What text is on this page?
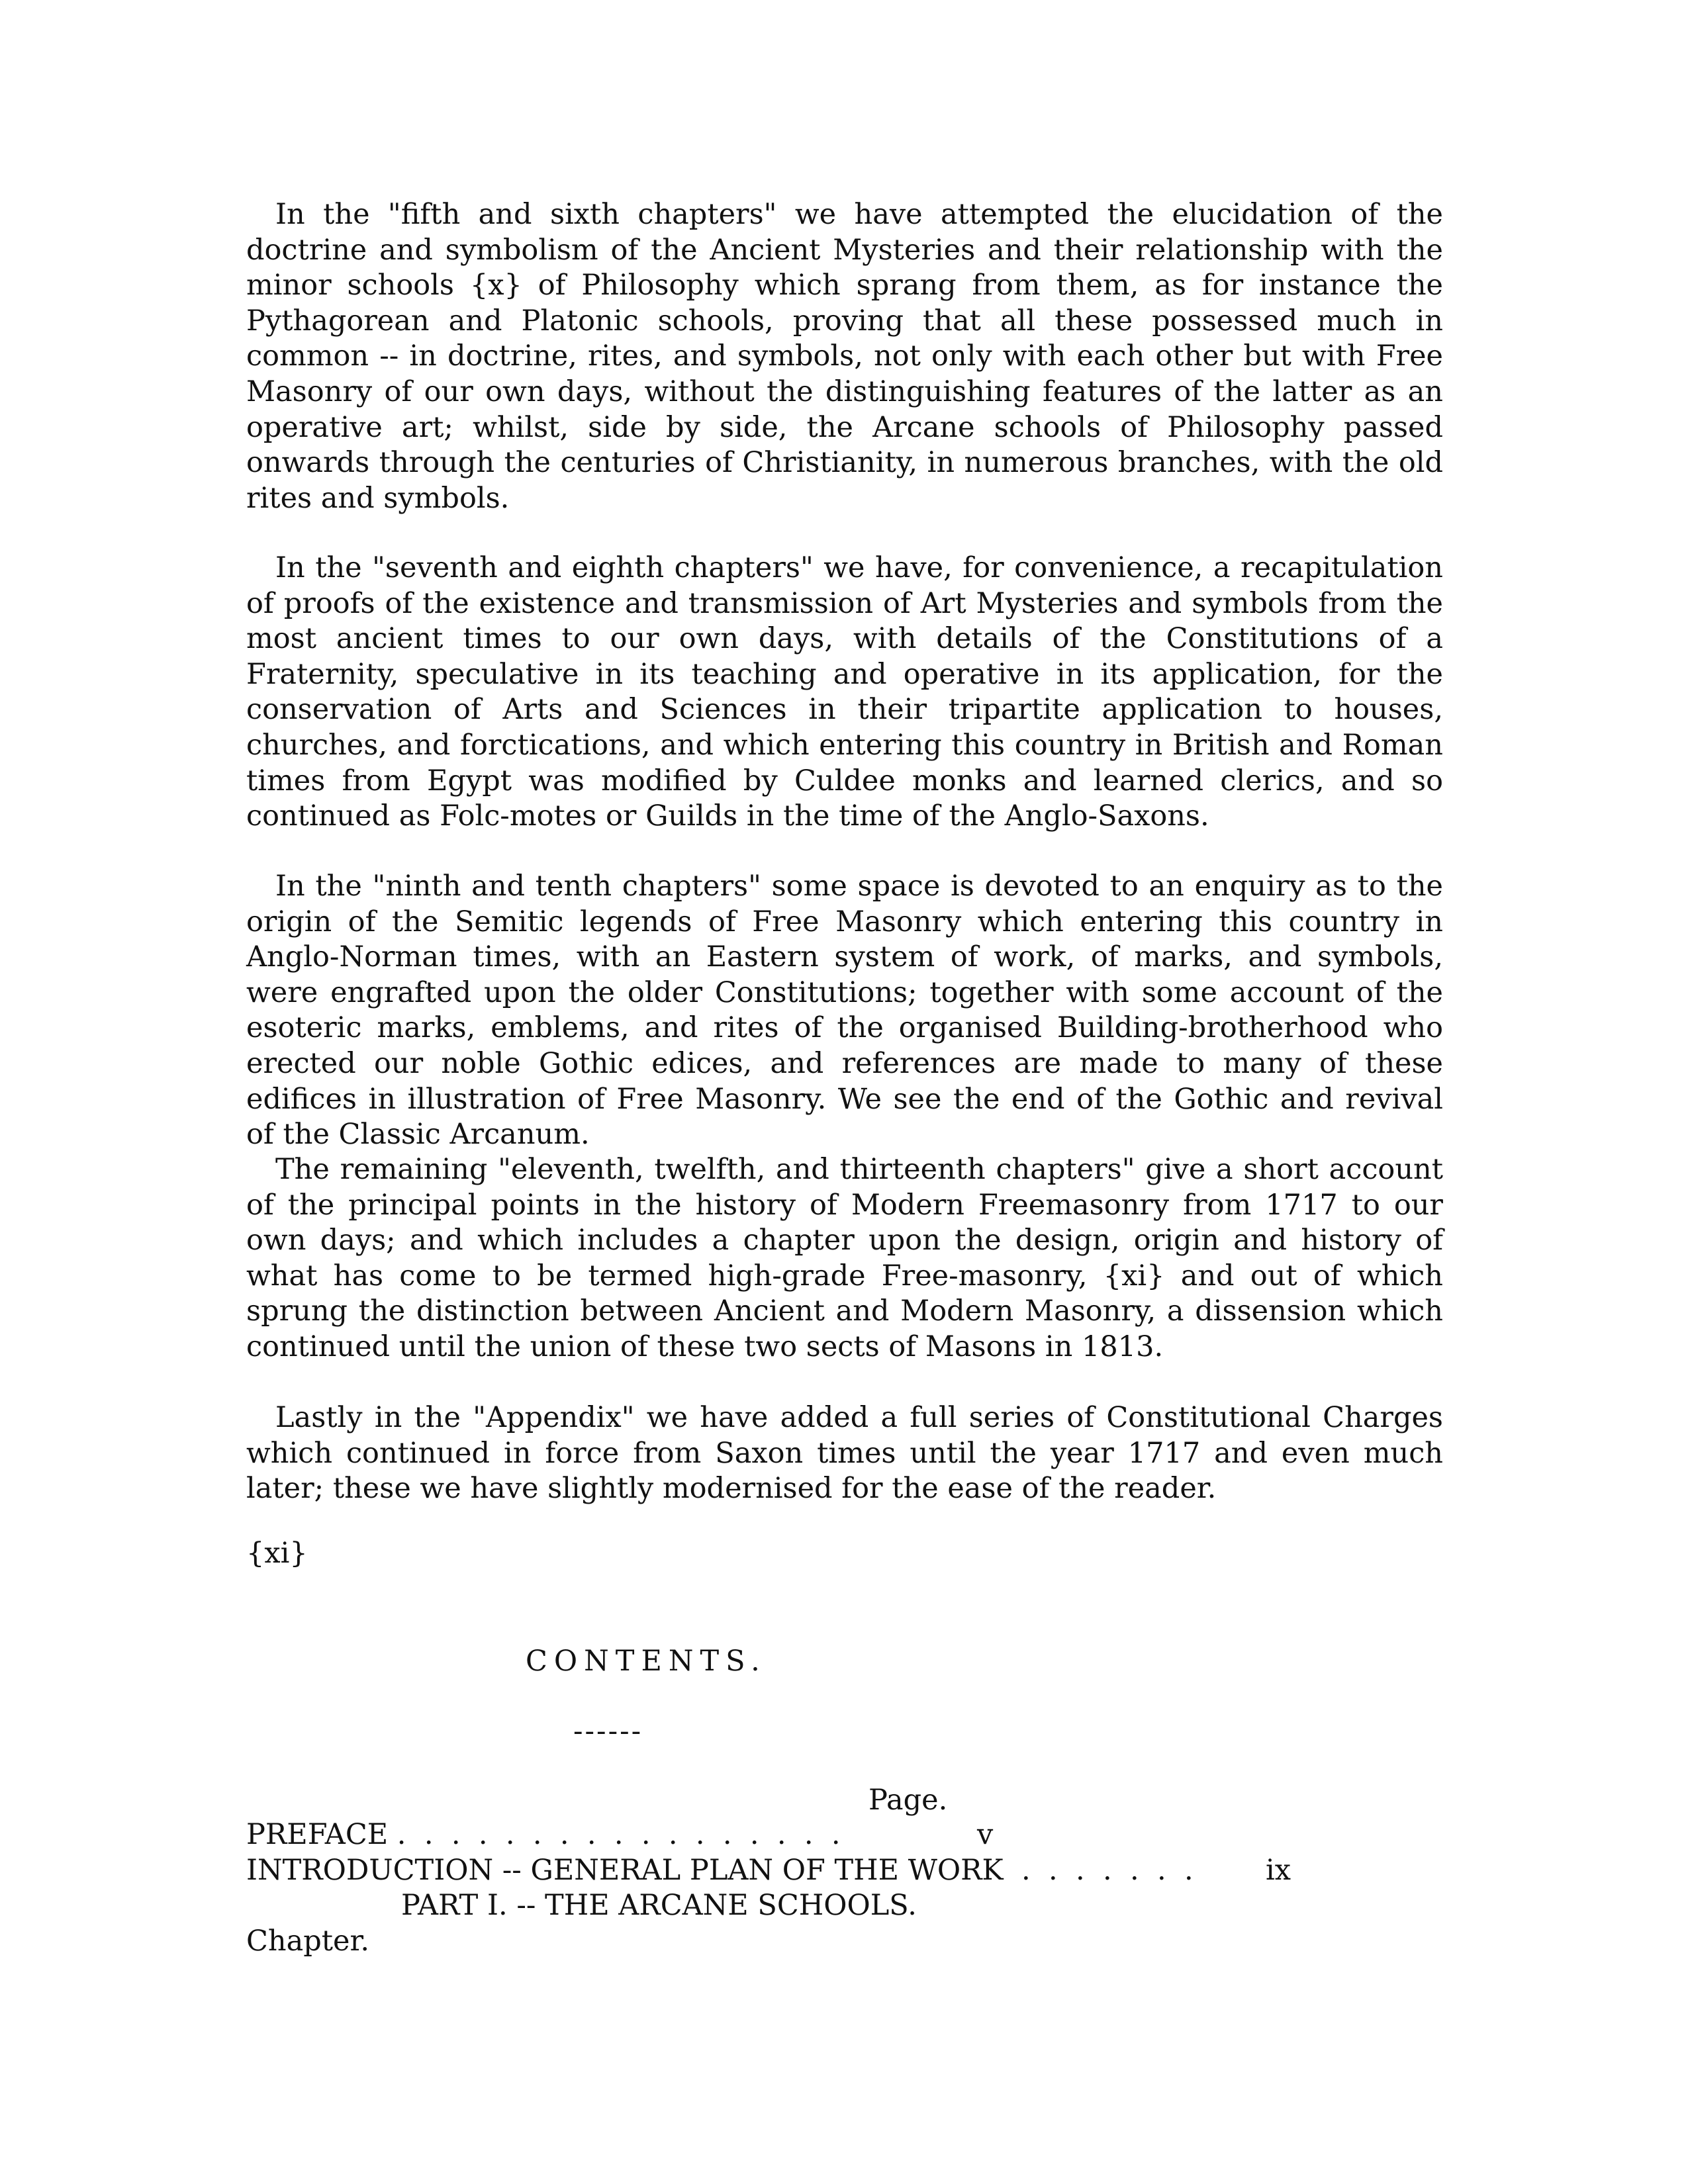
In the "fifth and sixth chapters" we have attempted the elucidation of the doctrine and symbolism of the Ancient Mysteries and their relationship with the minor schools {x} of Philosophy which sprang from them, as for instance the Pythagorean and Platonic schools, proving that all these possessed much in common -- in doctrine, rites, and symbols, not only with each other but with Free Masonry of our own days, without the distinguishing features of the latter as an operative art; whilst, side by side, the Arcane schools of Philosophy passed onwards through the centuries of Christianity, in numerous branches, with the old rites and symbols.

In the "seventh and eighth chapters" we have, for convenience, a recapitulation of proofs of the existence and transmission of Art Mysteries and symbols from the most ancient times to our own days, with details of the Constitutions of a Fraternity, speculative in its teaching and operative in its application, for the conservation of Arts and Sciences in their tripartite application to houses, churches, and forctications, and which entering this country in British and Roman times from Egypt was modified by Culdee monks and learned clerics, and so continued as Folc-motes or Guilds in the time of the Anglo-Saxons.

In the "ninth and tenth chapters" some space is devoted to an enquiry as to the origin of the Semitic legends of Free Masonry which entering this country in Anglo-Norman times, with an Eastern system of work, of marks, and symbols, were engrafted upon the older Constitutions; together with some account of the esoteric marks, emblems, and rites of the organised Building-brotherhood who erected our noble Gothic edices, and references are made to many of these edifices in illustration of Free Masonry. We see the end of the Gothic and revival of the Classic Arcanum.

The remaining "eleventh, twelfth, and thirteenth chapters" give a short account of the principal points in the history of Modern Freemasonry from 1717 to our own days; and which includes a chapter upon the design, origin and history of what has come to be termed high-grade Free-masonry, {xi} and out of which sprung the distinction between Ancient and Modern Masonry, a dissension which continued until the union of these two sects of Masons in 1813.

Lastly in the "Appendix" we have added a full series of Constitutional Charges which continued in force from Saxon times until the year 1717 and even much later; these we have slightly modernised for the ease of the reader.

{xi}
CONTENTS.
------
Page.
PREFACE .  .  .  .  .  .  .  .  .  .  .  .  .  .  .  .  .	v
INTRODUCTION -- GENERAL PLAN OF THE WORK  .  .  .  .  .  .  .	ix
PART I. -- THE ARCANE SCHOOLS.
Chapter.
